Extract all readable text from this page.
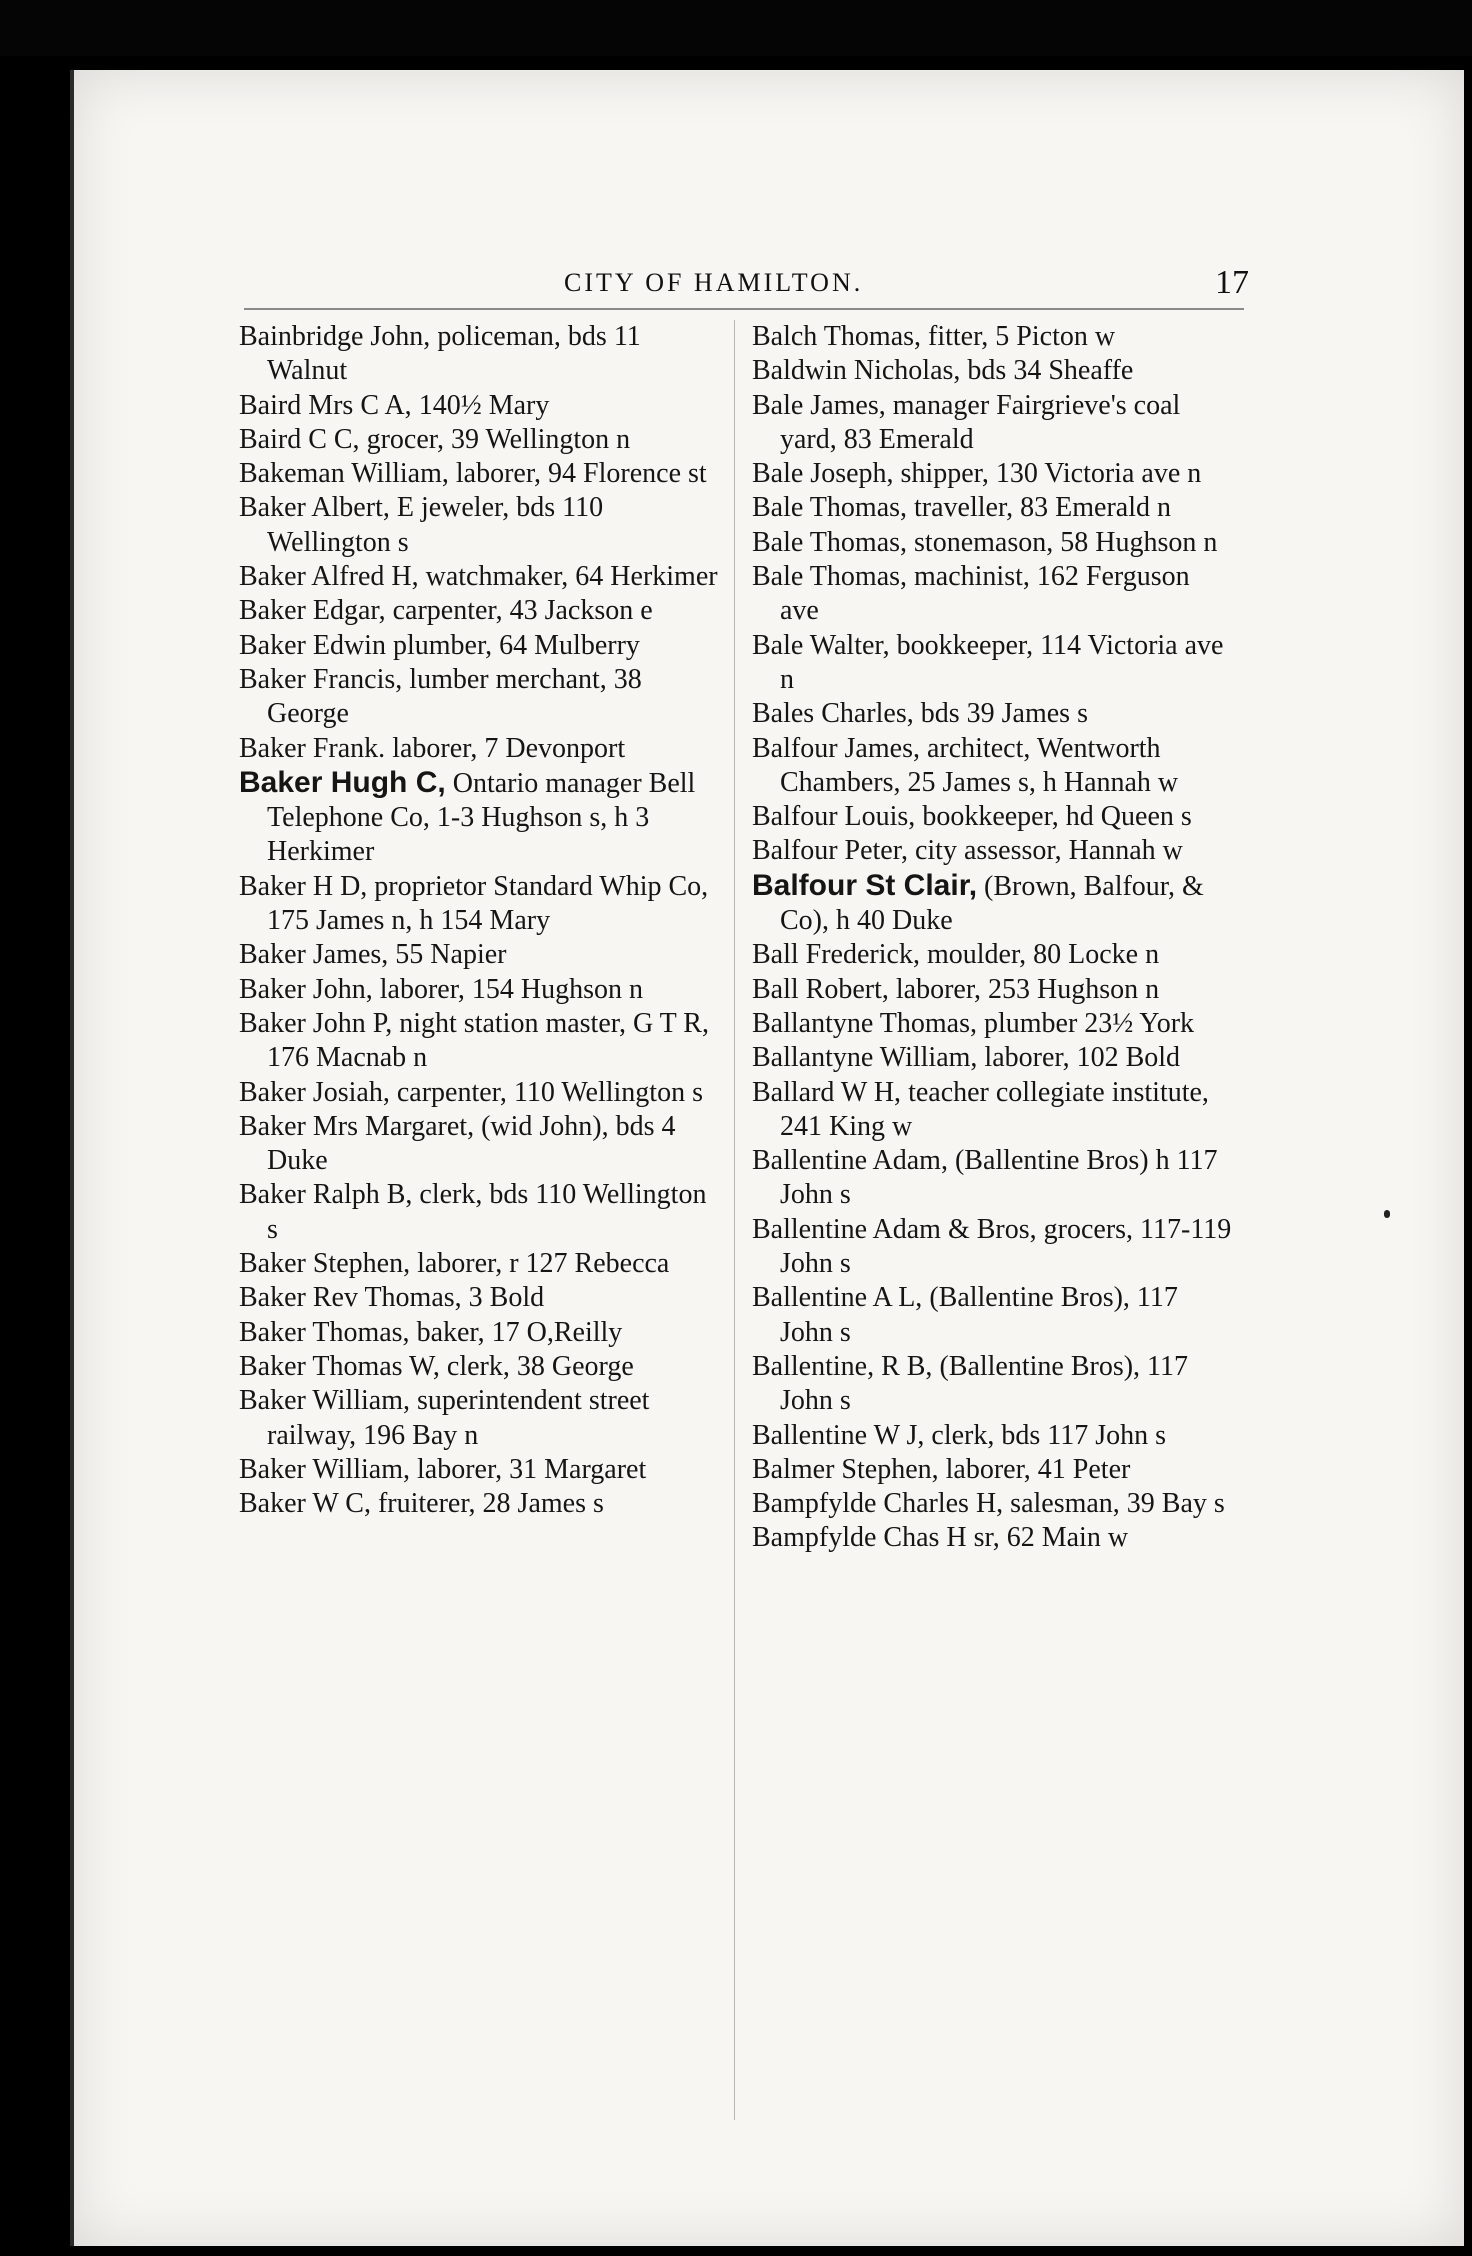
CITY OF HAMILTON.	17

Bainbridge John, policeman, bds 11 Walnut

Baird Mrs C A, 140½ Mary

Baird C C, grocer, 39 Wellington n

Bakeman William, laborer, 94 Florence st

Baker Albert, E jeweler, bds 110 Wellington s

Baker Alfred H, watchmaker, 64 Herkimer

Baker Edgar, carpenter, 43 Jackson e

Baker Edwin plumber, 64 Mulberry

Baker Francis, lumber merchant, 38 George

Baker Frank. laborer, 7 Devonport

Baker Hugh C, Ontario manager Bell Telephone Co, 1-3 Hughson s, h 3 Herkimer

Baker H D, proprietor Standard Whip Co, 175 James n, h 154 Mary

Baker James, 55 Napier

Baker John, laborer, 154 Hughson n

Baker John P, night station master, G T R, 176 Macnab n

Baker Josiah, carpenter, 110 Wellington s

Baker Mrs Margaret, (wid John), bds 4 Duke

Baker Ralph B, clerk, bds 110 Wellington s

Baker Stephen, laborer, r 127 Rebecca

Baker Rev Thomas, 3 Bold

Baker Thomas, baker, 17 O,Reilly

Baker Thomas W, clerk, 38 George

Baker William, superintendent street railway, 196 Bay n

Baker William, laborer, 31 Margaret

Baker W C, fruiterer, 28 James s

Balch Thomas, fitter, 5 Picton w

Baldwin Nicholas, bds 34 Sheaffe

Bale James, manager Fairgrieve's coal yard, 83 Emerald

Bale Joseph, shipper, 130 Victoria ave n

Bale Thomas, traveller, 83 Emerald n

Bale Thomas, stonemason, 58 Hughson n

Bale Thomas, machinist, 162 Ferguson ave

Bale Walter, bookkeeper, 114 Victoria ave n

Bales Charles, bds 39 James s

Balfour James, architect, Wentworth Chambers, 25 James s, h Hannah w

Balfour Louis, bookkeeper, hd Queen s

Balfour Peter, city assessor, Hannah w

Balfour St Clair, (Brown, Balfour, & Co), h 40 Duke

Ball Frederick, moulder, 80 Locke n

Ball Robert, laborer, 253 Hughson n

Ballantyne Thomas, plumber 23½ York

Ballantyne William, laborer, 102 Bold

Ballard W H, teacher collegiate institute, 241 King w

Ballentine Adam, (Ballentine Bros) h 117 John s

Ballentine Adam & Bros, grocers, 117-119 John s

Ballentine A L, (Ballentine Bros), 117 John s

Ballentine, R B, (Ballentine Bros), 117 John s

Ballentine W J, clerk, bds 117 John s

Balmer Stephen, laborer, 41 Peter

Bampfylde Charles H, salesman, 39 Bay s

Bampfylde Chas H sr, 62 Main w
